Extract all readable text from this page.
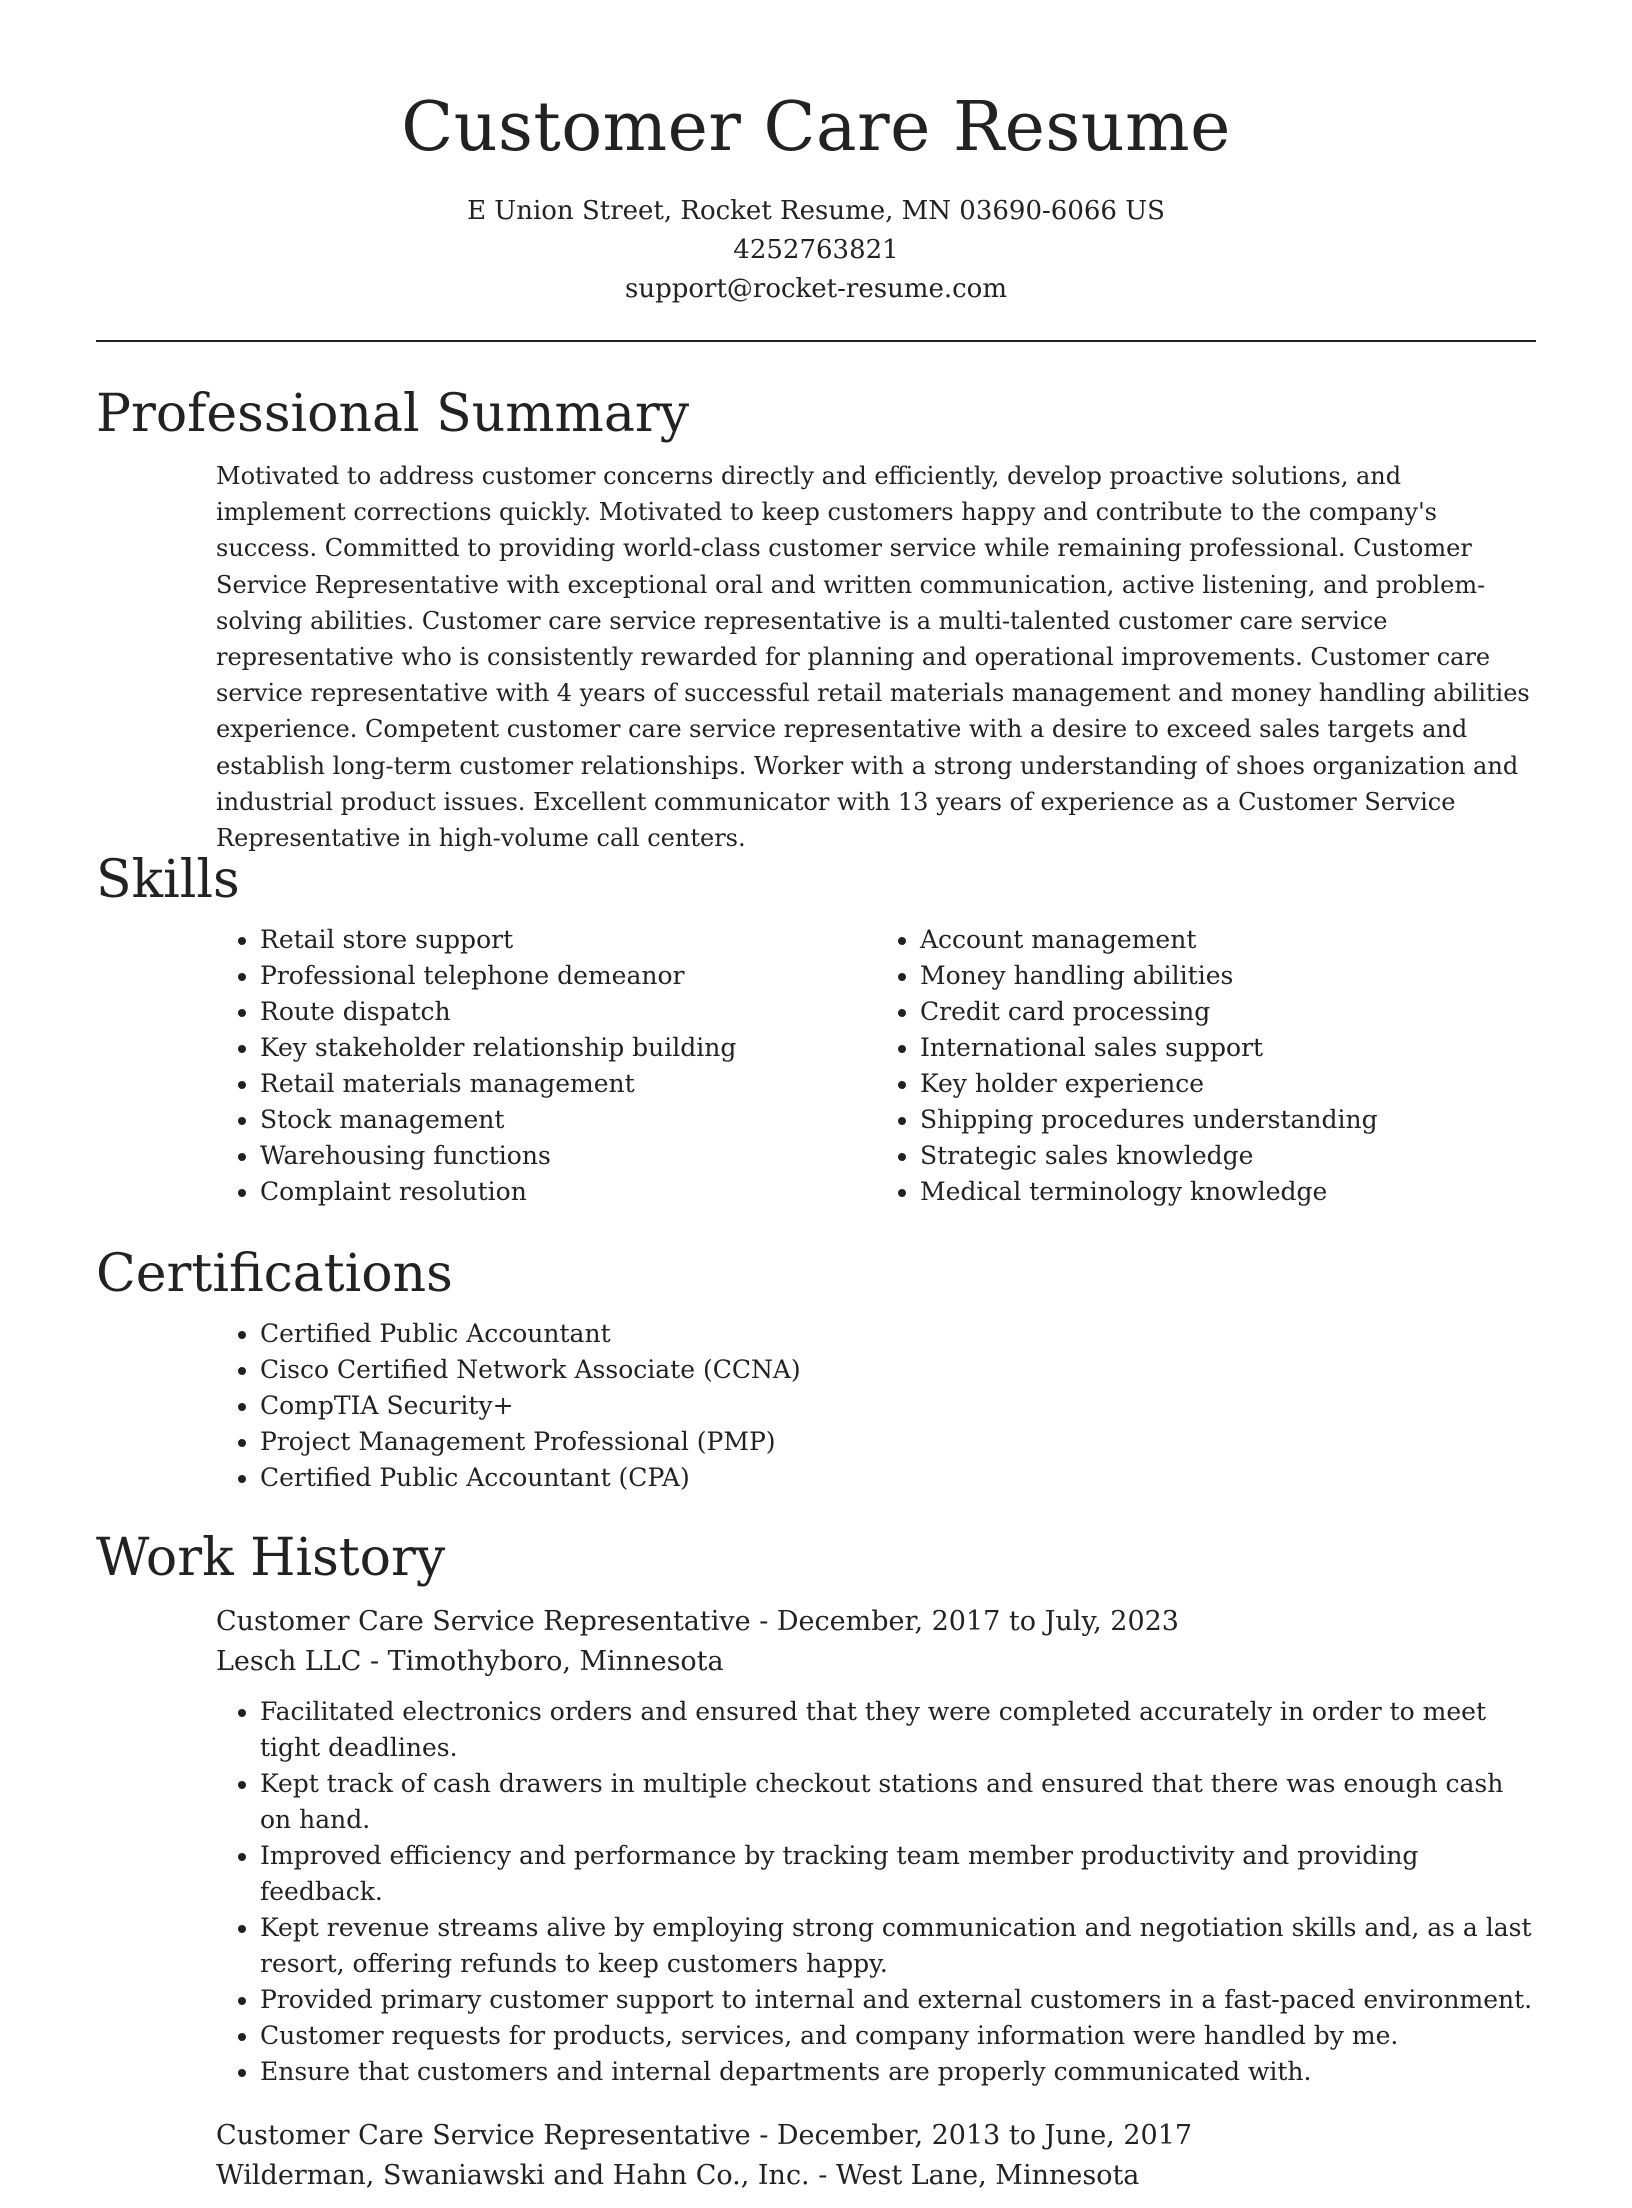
Customer Care Resume

E Union Street, Rocket Resume, MN 03690-6066 US

4252763821

support@rocket-resume.com

Professional Summary

Motivated to address customer concerns directly and efficiently, develop proactive solutions, and implement corrections quickly. Motivated to keep customers happy and contribute to the company's success. Committed to providing world-class customer service while remaining professional. Customer Service Representative with exceptional oral and written communication, active listening, and problem-solving abilities. Customer care service representative is a multi-talented customer care service representative who is consistently rewarded for planning and operational improvements. Customer care service representative with 4 years of successful retail materials management and money handling abilities experience. Competent customer care service representative with a desire to exceed sales targets and establish long-term customer relationships. Worker with a strong understanding of shoes organization and industrial product issues. Excellent communicator with 13 years of experience as a Customer Service Representative in high-volume call centers.

Skills
• Retail store support
• Professional telephone demeanor
• Route dispatch
• Key stakeholder relationship building
• Retail materials management
• Stock management
• Warehousing functions
• Complaint resolution
• Account management
• Money handling abilities
• Credit card processing
• International sales support
• Key holder experience
• Shipping procedures understanding
• Strategic sales knowledge
• Medical terminology knowledge
Certifications
• Certified Public Accountant
• Cisco Certified Network Associate (CCNA)
• CompTIA Security+
• Project Management Professional (PMP)
• Certified Public Accountant (CPA)
Work History

Customer Care Service Representative - December, 2017 to July, 2023

Lesch LLC - Timothyboro, Minnesota

• Facilitated electronics orders and ensured that they were completed accurately in order to meet tight deadlines.
• Kept track of cash drawers in multiple checkout stations and ensured that there was enough cash on hand.
• Improved efficiency and performance by tracking team member productivity and providing feedback.
• Kept revenue streams alive by employing strong communication and negotiation skills and, as a last resort, offering refunds to keep customers happy.
• Provided primary customer support to internal and external customers in a fast-paced environment.
• Customer requests for products, services, and company information were handled by me.
• Ensure that customers and internal departments are properly communicated with.

Customer Care Service Representative - December, 2013 to June, 2017

Wilderman, Swaniawski and Hahn Co., Inc. - West Lane, Minnesota
